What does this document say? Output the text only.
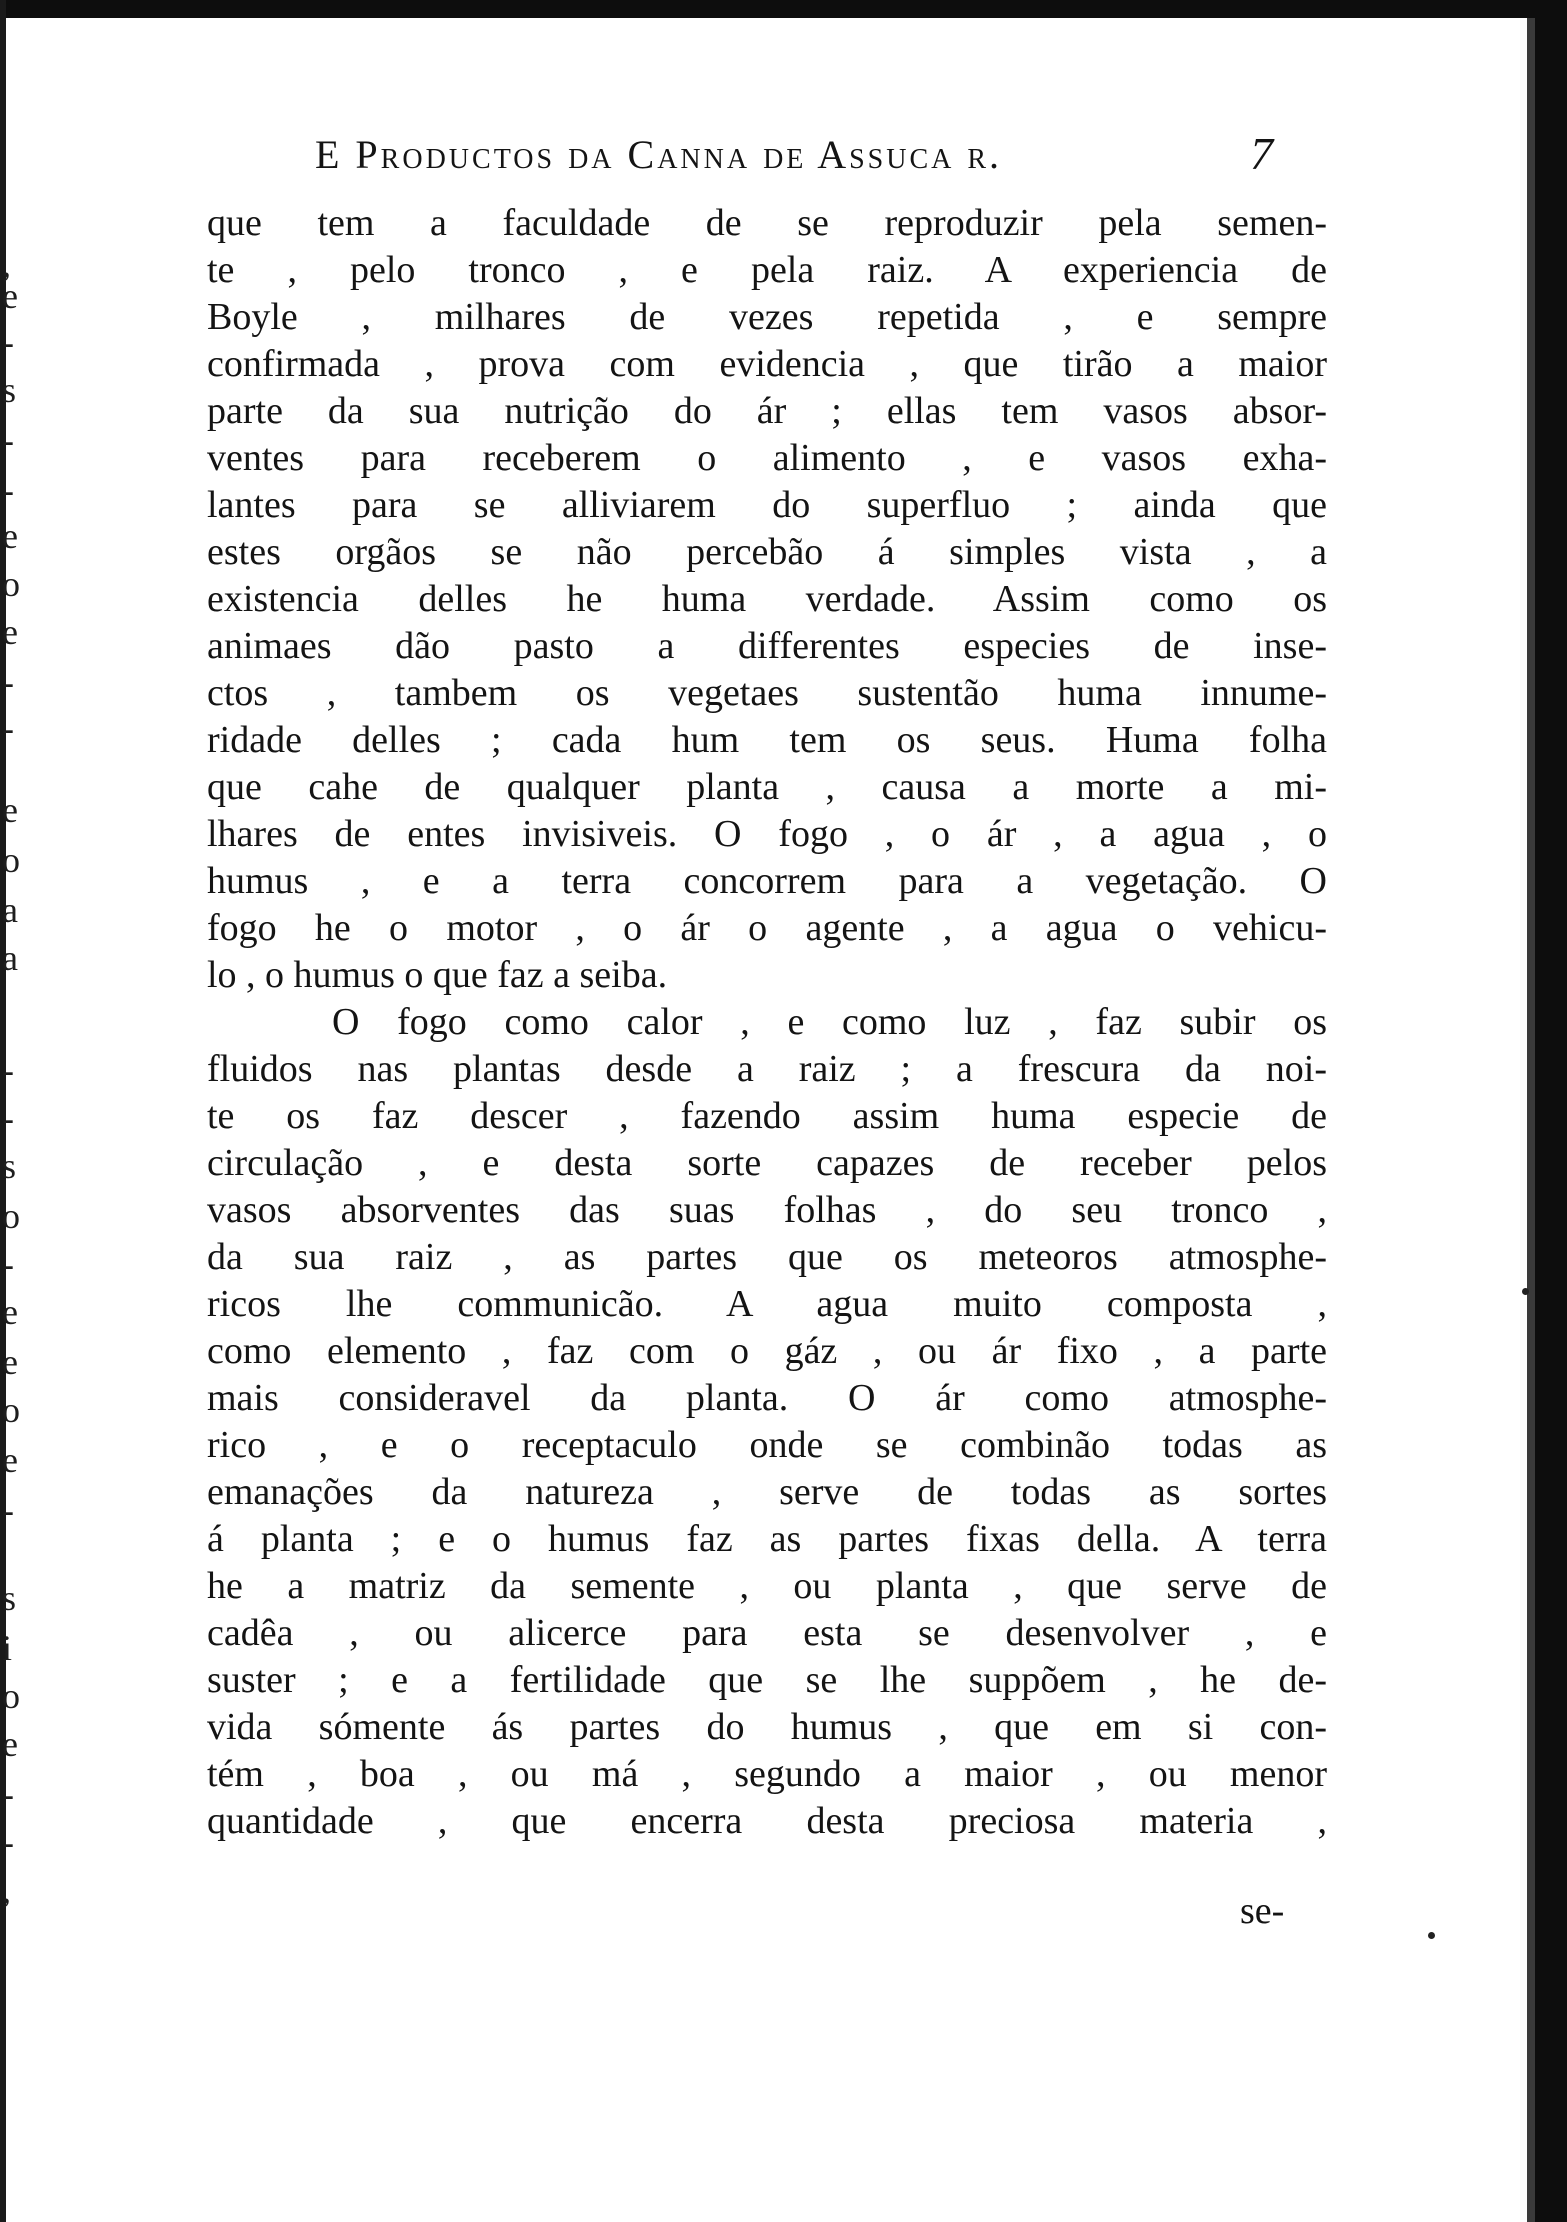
,
e
-
s
-
-
e
o
e
-
-
e
o
a
a
-
-
s
o
-
e
e
o
e
-
s
i
o
e
-
-
,
E Productos da Canna de Assuca r.	7
que tem a faculdade de se reproduzir pela semen-
te , pelo tronco , e pela raiz. A experiencia de
Boyle , milhares de vezes repetida , e sempre
confirmada , prova com evidencia , que tirão a maior
parte da sua nutrição do ár ; ellas tem vasos absor-
ventes para receberem o alimento , e vasos exha-
lantes para se alliviarem do superfluo ; ainda que
estes orgãos se não percebão á simples vista , a
existencia delles he huma verdade. Assim como os
animaes dão pasto a differentes especies de inse-
ctos , tambem os vegetaes sustentão huma innume-
ridade delles ; cada hum tem os seus. Huma folha
que cahe de qualquer planta , causa a morte a mi-
lhares de entes invisiveis. O fogo , o ár , a agua , o
humus , e a terra concorrem para a vegetação. O
fogo he o motor , o ár o agente , a agua o vehicu-
lo , o humus o que faz a seiba.
O fogo como calor , e como luz , faz subir os
fluidos nas plantas desde a raiz ; a frescura da noi-
te os faz descer , fazendo assim huma especie de
circulação , e desta sorte capazes de receber pelos
vasos absorventes das suas folhas , do seu tronco ,
da sua raiz , as partes que os meteoros atmosphe-
ricos lhe communicão. A agua muito composta ,
como elemento , faz com o gáz , ou ár fixo , a parte
mais consideravel da planta. O ár como atmosphe-
rico , e o receptaculo onde se combinão todas as
emanações da natureza , serve de todas as sortes
á planta ; e o humus faz as partes fixas della. A terra
he a matriz da semente , ou planta , que serve de
cadêa , ou alicerce para esta se desenvolver , e
suster ; e a fertilidade que se lhe suppõem , he de-
vida sómente ás partes do humus , que em si con-
tém , boa , ou má , segundo a maior , ou menor
quantidade , que encerra desta preciosa materia ,
se-
